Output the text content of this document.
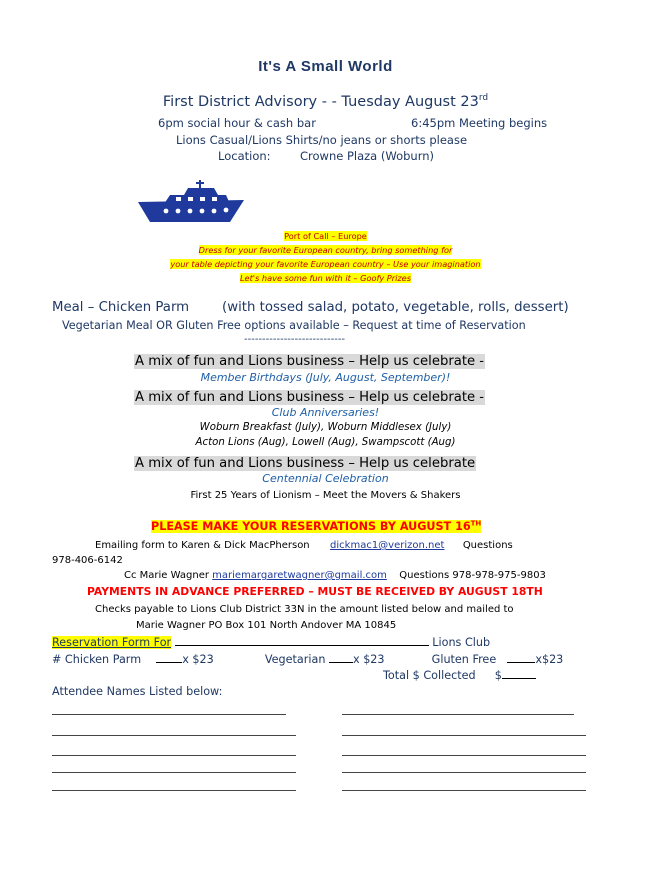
It's A Small World
First District Advisory - - Tuesday August 23rd
6pm social hour & cash bar	6:45pm Meeting begins
Lions Casual/Lions Shirts/no jeans or shorts please
Location:	Crowne Plaza (Woburn)
Port of Call – Europe
Dress for your favorite European country, bring something for
your table depicting your favorite European country – Use your imagination
Let's have some fun with it – Goofy Prizes
Meal – Chicken Parm (with tossed salad, potato, vegetable, rolls, dessert)
Vegetarian Meal OR Gluten Free options available – Request at time of Reservation
----------------------------
A mix of fun and Lions business – Help us celebrate -
Member Birthdays (July, August, September)!
A mix of fun and Lions business – Help us celebrate -
Club Anniversaries!
Woburn Breakfast (July), Woburn Middlesex (July)
Acton Lions (Aug), Lowell (Aug), Swampscott (Aug)
A mix of fun and Lions business – Help us celebrate
Centennial Celebration
First 25 Years of Lionism – Meet the Movers & Shakers
PLEASE MAKE YOUR RESERVATIONS BY AUGUST 16TH
Emailing form to Karen & Dick MacPherson dickmac1@verizon.net Questions
978-406-6142
Cc Marie Wagner mariemargaretwagner@gmail.com Questions 978-978-975-9803
PAYMENTS IN ADVANCE PREFERRED – MUST BE RECEIVED BY AUGUST 18TH
Checks payable to Lions Club District 33N in the amount listed below and mailed to
Marie Wagner PO Box 101 North Andover MA 10845
Reservation Form For	Lions Club
# Chicken Parm	x $23	Vegetarian x $23	Gluten Free	x$23
Total $ Collected $
Attendee Names Listed below:
